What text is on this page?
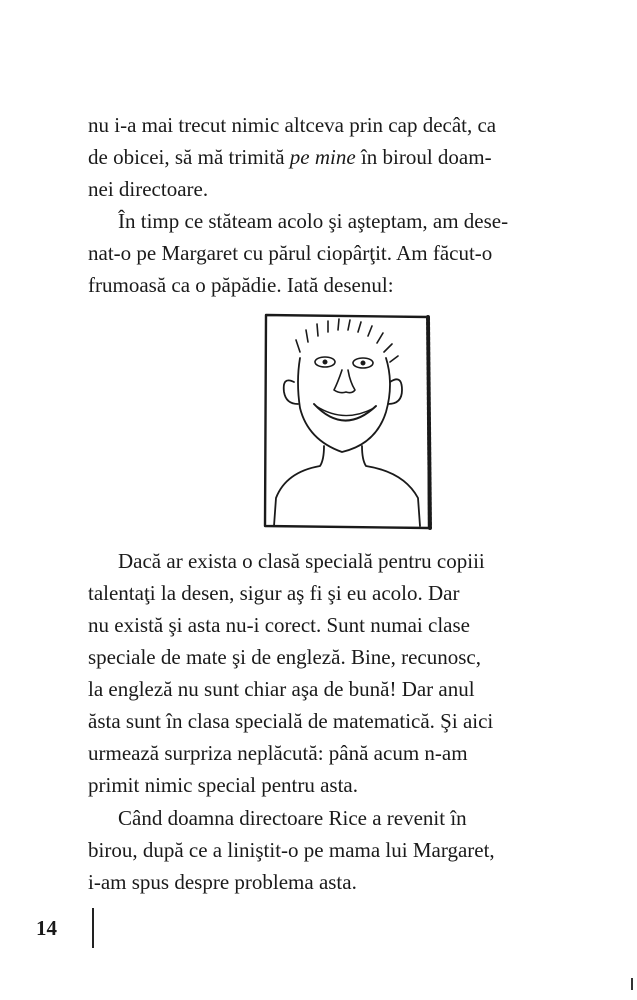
nu i-a mai trecut nimic altceva prin cap decât, ca
de obicei, să mă trimită pe mine în biroul doam-
nei directoare.

În timp ce stăteam acolo şi aşteptam, am dese-
nat-o pe Margaret cu părul ciopârţit. Am făcut-o
frumoasă ca o păpădie. Iată desenul:

Dacă ar exista o clasă specială pentru copiii
talentaţi la desen, sigur aş fi şi eu acolo. Dar
nu există şi asta nu-i corect. Sunt numai clase
speciale de mate şi de engleză. Bine, recunosc,
la engleză nu sunt chiar aşa de bună! Dar anul
ăsta sunt în clasa specială de matematică. Şi aici
urmează surpriza neplăcută: până acum n-am
primit nimic special pentru asta.

Când doamna directoare Rice a revenit în
birou, după ce a liniştit-o pe mama lui Margaret,
i-am spus despre problema asta.

14
